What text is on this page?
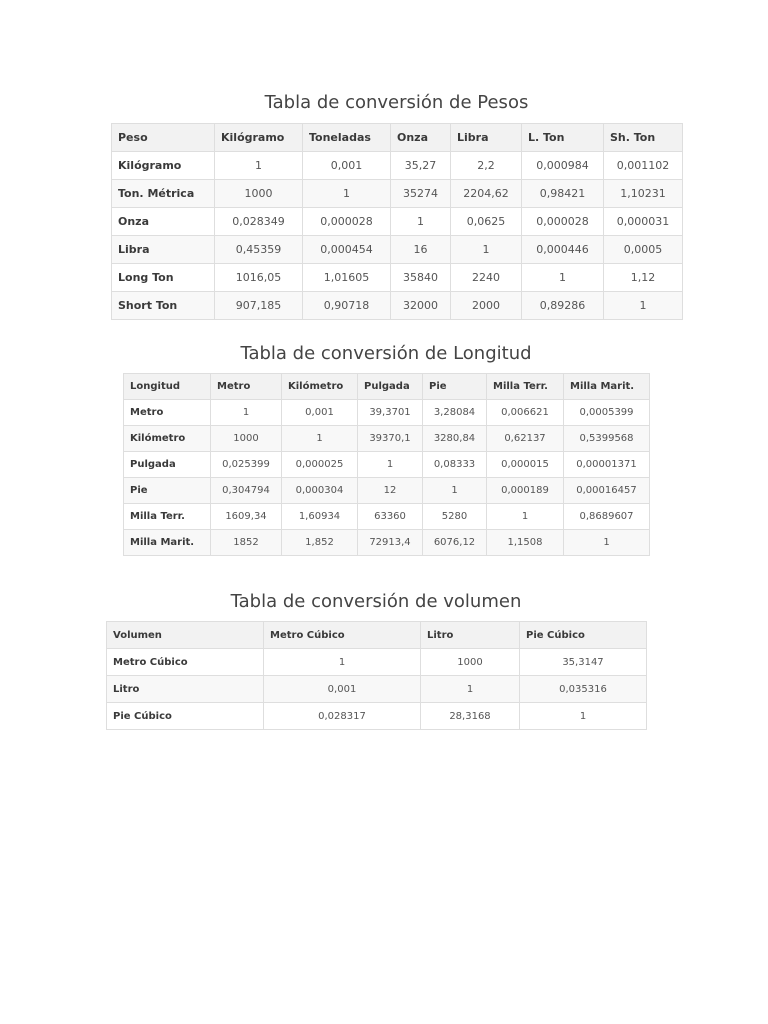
Tabla de conversión de Pesos
Peso	Kilógramo	Toneladas	Onza	Libra	L. Ton	Sh. Ton
Kilógramo	1	0,001	35,27	2,2	0,000984	0,001102
Ton. Métrica	1000	1	35274	2204,62	0,98421	1,10231
Onza	0,028349	0,000028	1	0,0625	0,000028	0,000031
Libra	0,45359	0,000454	16	1	0,000446	0,0005
Long Ton	1016,05	1,01605	35840	2240	1	1,12
Short Ton	907,185	0,90718	32000	2000	0,89286	1
Tabla de conversión de Longitud
Longitud	Metro	Kilómetro	Pulgada	Pie	Milla Terr.	Milla Marit.
Metro	1	0,001	39,3701	3,28084	0,006621	0,0005399
Kilómetro	1000	1	39370,1	3280,84	0,62137	0,5399568
Pulgada	0,025399	0,000025	1	0,08333	0,000015	0,00001371
Pie	0,304794	0,000304	12	1	0,000189	0,00016457
Milla Terr.	1609,34	1,60934	63360	5280	1	0,8689607
Milla Marit.	1852	1,852	72913,4	6076,12	1,1508	1
Tabla de conversión de volumen
Volumen	Metro Cúbico	Litro	Pie Cúbico
Metro Cúbico	1	1000	35,3147
Litro	0,001	1	0,035316
Pie Cúbico	0,028317	28,3168	1
